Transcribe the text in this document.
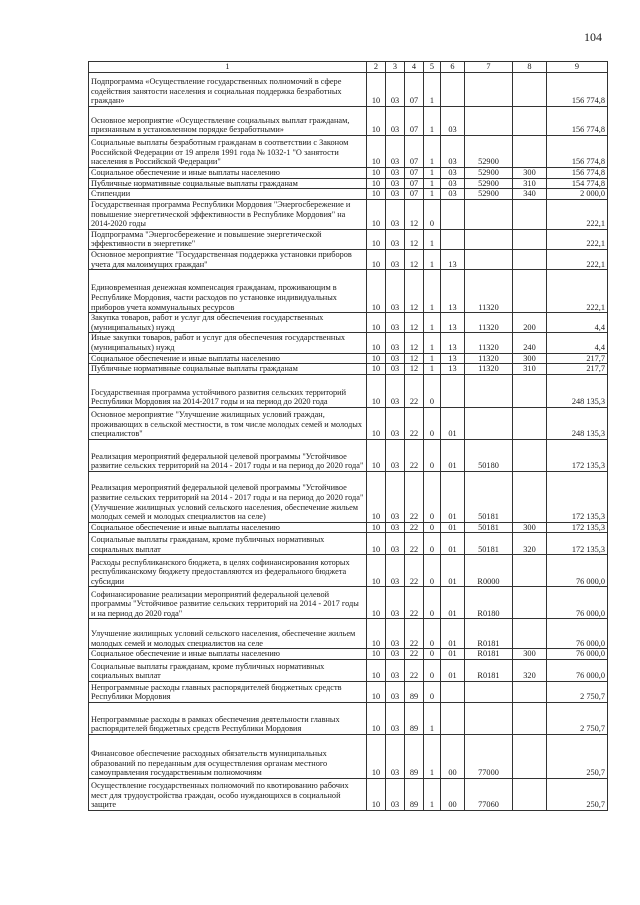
104
1	2	3	4	5	6	7	8	9
Подпрограмма «Осуществление государственных полномочий в сфере содействия занятости населения и социальная поддержка безработных граждан»	10	03	07	1				156 774,8
Основное мероприятие «Осуществление социальных выплат гражданам, признанным в установленном порядке безработными»	10	03	07	1	03			156 774,8
Социальные выплаты безработным гражданам в соответствии с Законом Российской Федерации от 19 апреля 1991 года № 1032-1 "О занятости населения в Российской Федерации"	10	03	07	1	03	52900		156 774,8
Социальное обеспечение и иные выплаты населению	10	03	07	1	03	52900	300	156 774,8
Публичные нормативные социальные выплаты гражданам	10	03	07	1	03	52900	310	154 774,8
Стипендии	10	03	07	1	03	52900	340	2 000,0
Государственная программа Республики Мордовия "Энергосбережение и повышение энергетической эффективности в Республике Мордовия" на 2014-2020 годы	10	03	12	0				222,1
Подпрограмма "Энергосбережение и повышение энергетической эффективности в энергетике"	10	03	12	1				222,1
Основное мероприятие "Государственная поддержка установки приборов учета для малоимущих граждан"	10	03	12	1	13			222,1
Единовременная денежная компенсация гражданам, проживающим в Республике Мордовия, части расходов по установке индивидуальных приборов учета коммунальных ресурсов	10	03	12	1	13	11320		222,1
Закупка товаров, работ и услуг для обеспечения государственных (муниципальных) нужд	10	03	12	1	13	11320	200	4,4
Иные закупки товаров, работ и услуг для обеспечения государственных (муниципальных) нужд	10	03	12	1	13	11320	240	4,4
Социальное обеспечение и иные выплаты населению	10	03	12	1	13	11320	300	217,7
Публичные нормативные социальные выплаты гражданам	10	03	12	1	13	11320	310	217,7
Государственная программа устойчивого развития сельских территорий Республики Мордовия на 2014-2017 годы и на период до 2020 года	10	03	22	0				248 135,3
Основное мероприятие "Улучшение жилищных условий граждан, проживающих в сельской местности, в том числе молодых семей и молодых специалистов"	10	03	22	0	01			248 135,3
Реализация мероприятий федеральной целевой программы "Устойчивое развитие сельских территорий на 2014 - 2017 годы и на период до 2020 года"	10	03	22	0	01	50180		172 135,3
Реализация мероприятий федеральной целевой программы "Устойчивое развитие сельских территорий на 2014 - 2017 годы и на период до 2020 года" (Улучшение жилищных условий сельского населения, обеспечение жильем молодых семей и молодых специалистов на селе)	10	03	22	0	01	50181		172 135,3
Социальное обеспечение и иные выплаты населению	10	03	22	0	01	50181	300	172 135,3
Социальные выплаты гражданам, кроме публичных нормативных социальных выплат	10	03	22	0	01	50181	320	172 135,3
Расходы республиканского бюджета, в целях софинансирования которых республиканскому бюджету предоставляются из федерального бюджета субсидии	10	03	22	0	01	R0000		76 000,0
Софинансирование реализации мероприятий федеральной целевой программы "Устойчивое развитие сельских территорий на 2014 - 2017 годы и на период до 2020 года"	10	03	22	0	01	R0180		76 000,0
Улучшение жилищных условий сельского населения, обеспечение жильем молодых семей и молодых специалистов на селе	10	03	22	0	01	R0181		76 000,0
Социальное обеспечение и иные выплаты населению	10	03	22	0	01	R0181	300	76 000,0
Социальные выплаты гражданам, кроме публичных нормативных социальных выплат	10	03	22	0	01	R0181	320	76 000,0
Непрограммные расходы главных распорядителей бюджетных средств Республики Мордовия	10	03	89	0				2 750,7
Непрограммные расходы в рамках обеспечения деятельности главных распорядителей бюджетных средств Республики Мордовия	10	03	89	1				2 750,7
Финансовое обеспечение расходных обязательств муниципальных образований по переданным для осуществления органам местного самоуправления государственным полномочиям	10	03	89	1	00	77000		250,7
Осуществление государственных полномочий по квотированию рабочих мест для трудоустройства граждан, особо нуждающихся в социальной защите	10	03	89	1	00	77060		250,7
